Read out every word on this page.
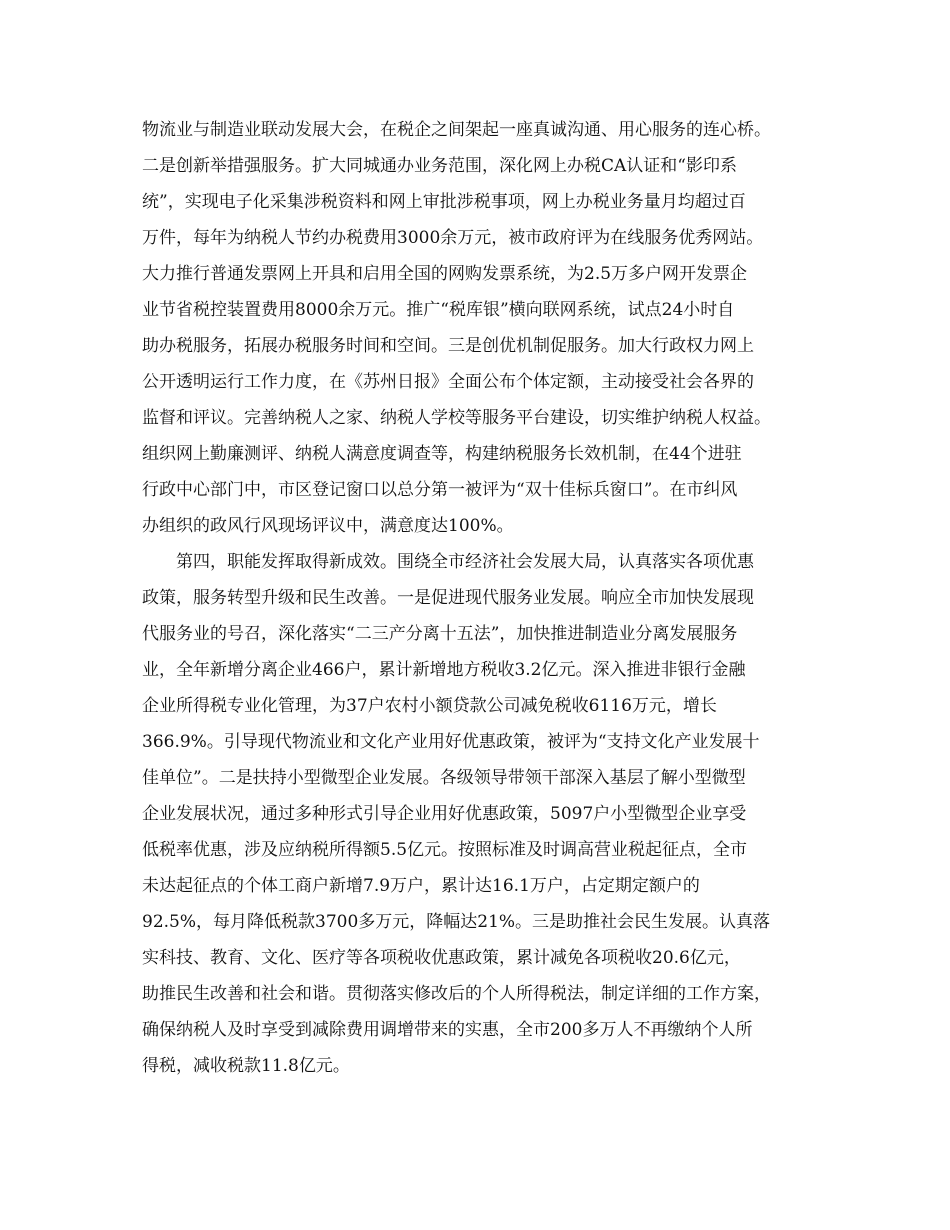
物流业与制造业联动发展大会，在税企之间架起一座真诚沟通、用心服务的连心桥。
二是创新举措强服务。扩大同城通办业务范围，深化网上办税CA认证和“影印系
统”，实现电子化采集涉税资料和网上审批涉税事项，网上办税业务量月均超过百
万件，每年为纳税人节约办税费用3000余万元，被市政府评为在线服务优秀网站。
大力推行普通发票网上开具和启用全国的网购发票系统，为2.5万多户网开发票企
业节省税控装置费用8000余万元。推广“税库银”横向联网系统，试点24小时自
助办税服务，拓展办税服务时间和空间。三是创优机制促服务。加大行政权力网上
公开透明运行工作力度，在《苏州日报》全面公布个体定额，主动接受社会各界的
监督和评议。完善纳税人之家、纳税人学校等服务平台建设，切实维护纳税人权益。
组织网上勤廉测评、纳税人满意度调查等，构建纳税服务长效机制，在44个进驻
行政中心部门中，市区登记窗口以总分第一被评为“双十佳标兵窗口”。在市纠风
办组织的政风行风现场评议中，满意度达100%。
第四，职能发挥取得新成效。围绕全市经济社会发展大局，认真落实各项优惠
政策，服务转型升级和民生改善。一是促进现代服务业发展。响应全市加快发展现
代服务业的号召，深化落实“二三产分离十五法”，加快推进制造业分离发展服务
业，全年新增分离企业466户，累计新增地方税收3.2亿元。深入推进非银行金融
企业所得税专业化管理，为37户农村小额贷款公司减免税收6116万元，增长
366.9%。引导现代物流业和文化产业用好优惠政策，被评为“支持文化产业发展十
佳单位”。二是扶持小型微型企业发展。各级领导带领干部深入基层了解小型微型
企业发展状况，通过多种形式引导企业用好优惠政策，5097户小型微型企业享受
低税率优惠，涉及应纳税所得额5.5亿元。按照标准及时调高营业税起征点，全市
未达起征点的个体工商户新增7.9万户，累计达16.1万户，占定期定额户的
92.5%，每月降低税款3700多万元，降幅达21%。三是助推社会民生发展。认真落
实科技、教育、文化、医疗等各项税收优惠政策，累计减免各项税收20.6亿元，
助推民生改善和社会和谐。贯彻落实修改后的个人所得税法，制定详细的工作方案，
确保纳税人及时享受到减除费用调增带来的实惠，全市200多万人不再缴纳个人所
得税，减收税款11.8亿元。
